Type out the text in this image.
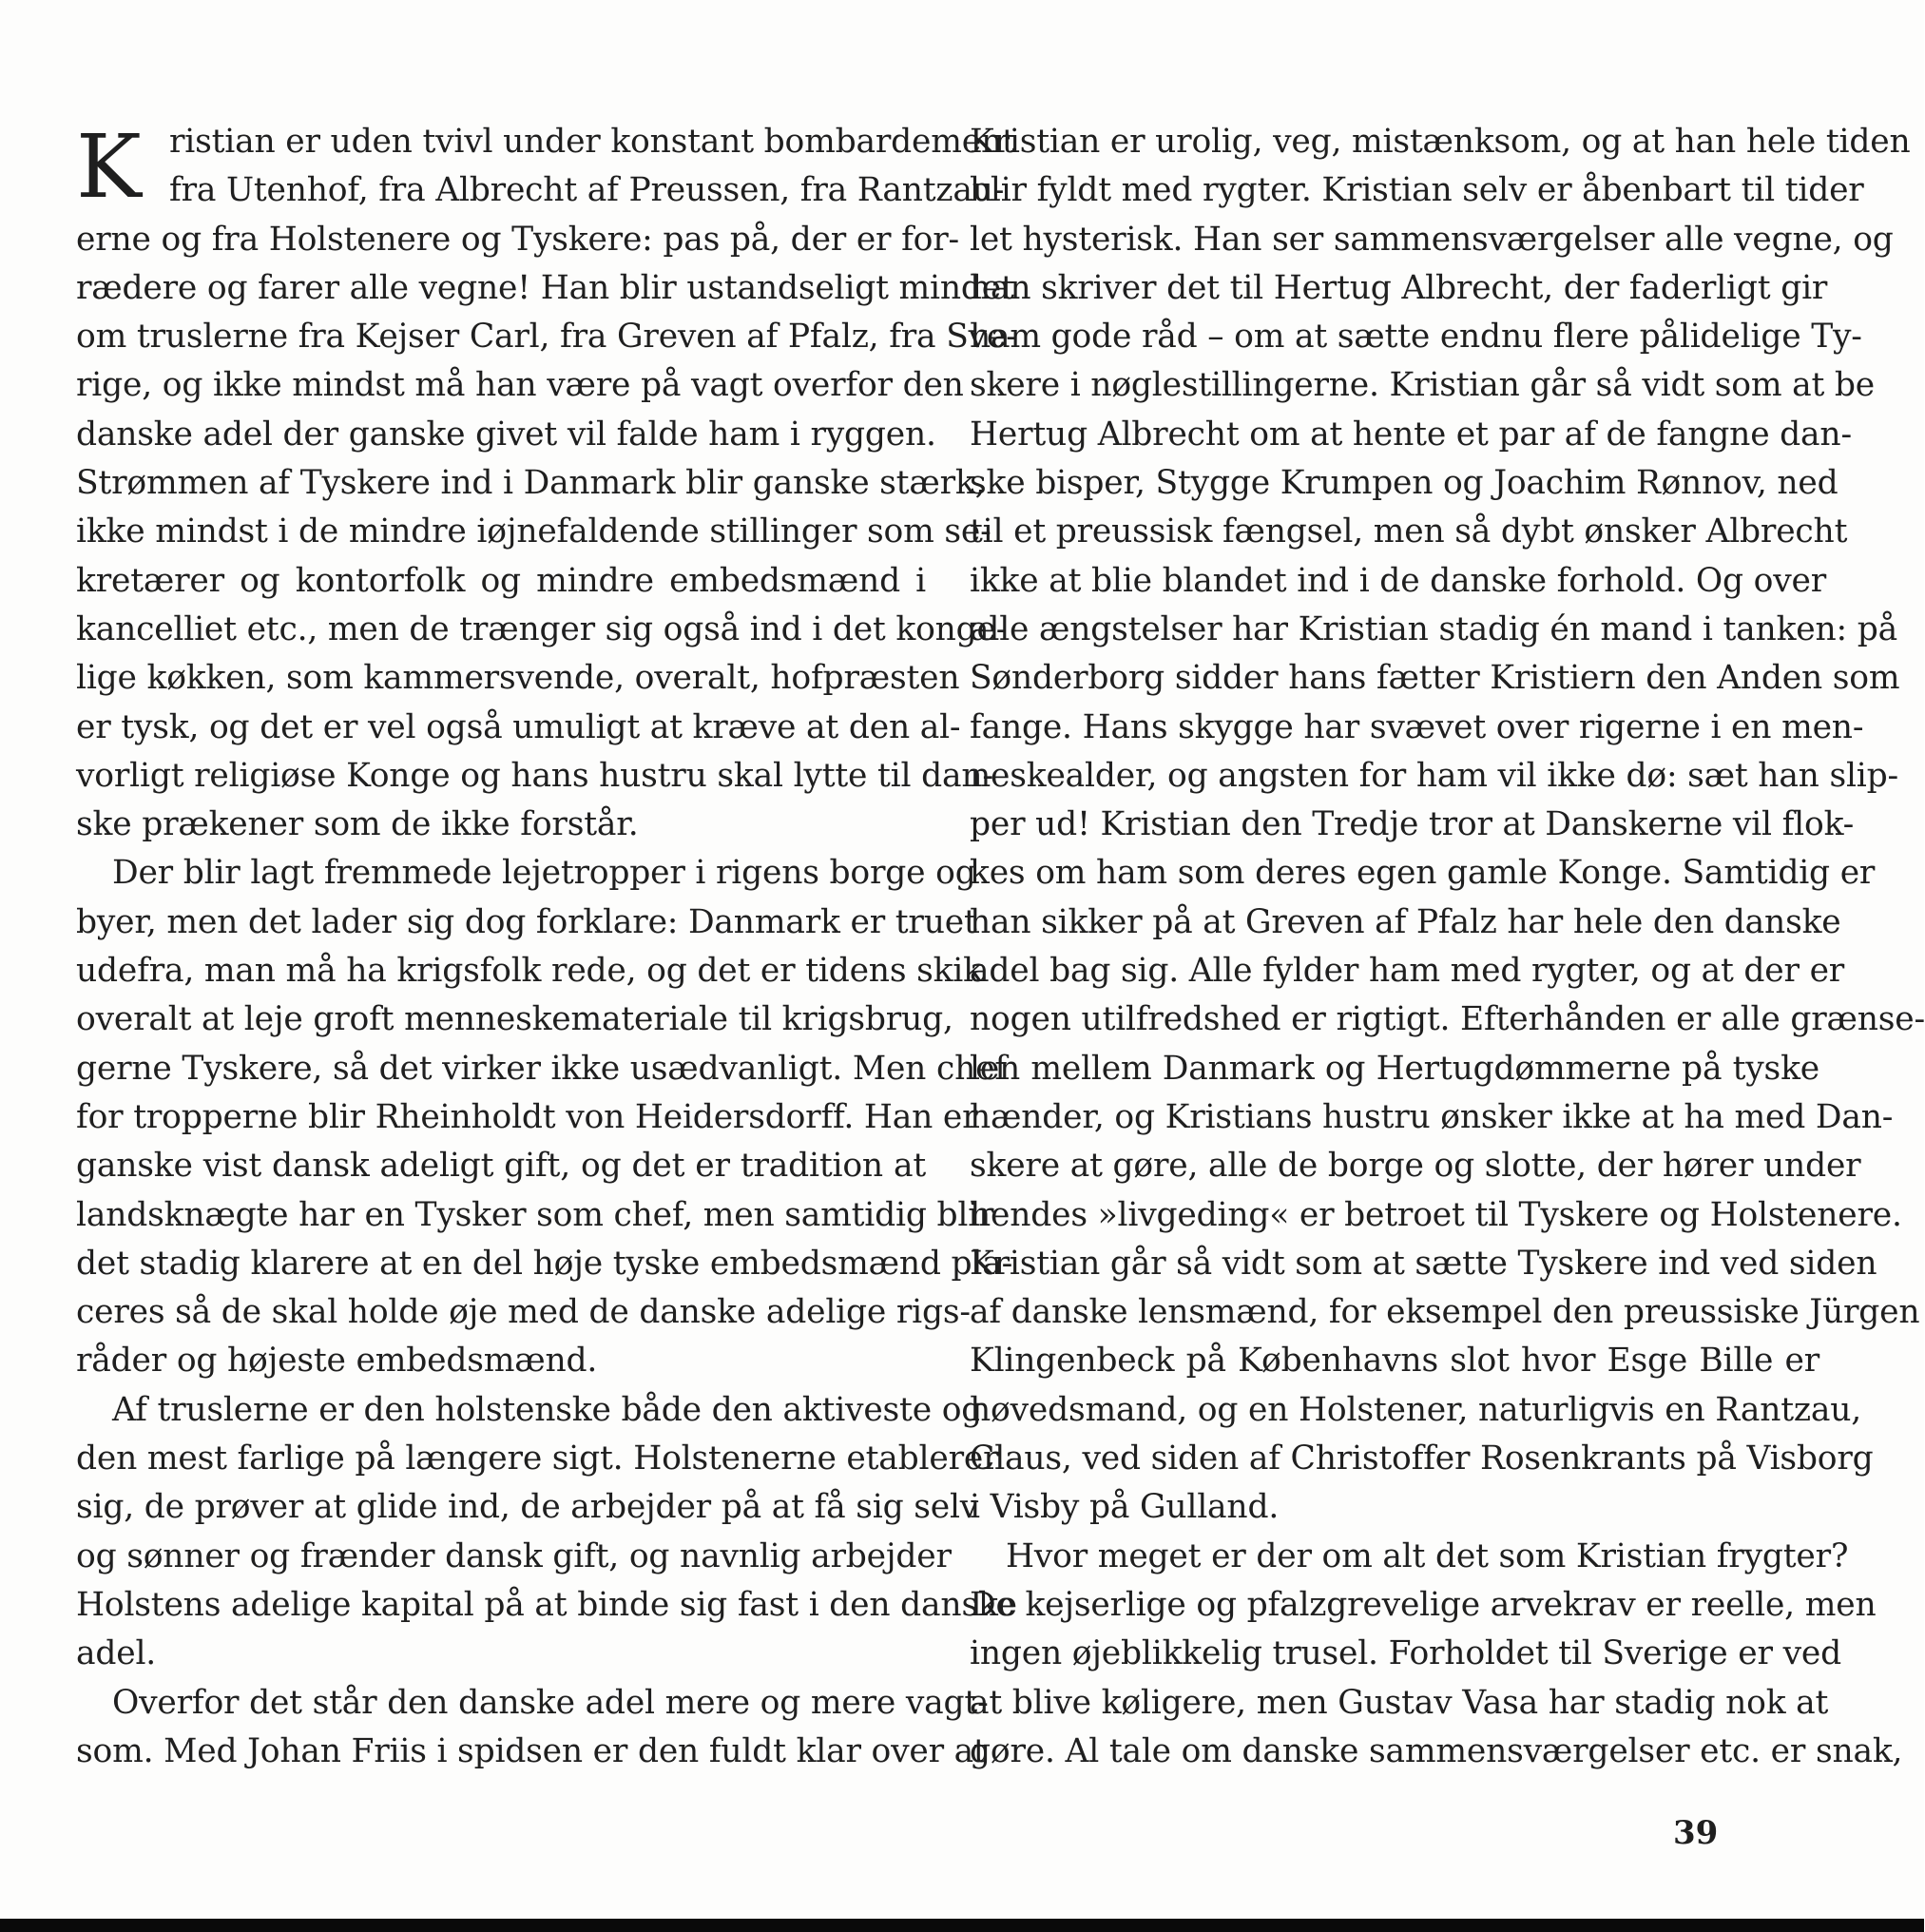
K ristian er uden tvivl under konstant bombardement
fra Utenhof, fra Albrecht af Preussen, fra Rantzau-
erne og fra Holstenere og Tyskere: pas på, der er for-
rædere og farer alle vegne! Han blir ustandseligt mindet
om truslerne fra Kejser Carl, fra Greven af Pfalz, fra Sve-
rige, og ikke mindst må han være på vagt overfor den
danske adel der ganske givet vil falde ham i ryggen.
Strømmen af Tyskere ind i Danmark blir ganske stærk,
ikke mindst i de mindre iøjnefaldende stillinger som se-
kretærer og kontorfolk og mindre embedsmænd i
kancelliet etc., men de trænger sig også ind i det konge-
lige køkken, som kammersvende, overalt, hofpræsten
er tysk, og det er vel også umuligt at kræve at den al-
vorligt religiøse Konge og hans hustru skal lytte til dan-
ske prækener som de ikke forstår.
Der blir lagt fremmede lejetropper i rigens borge og
byer, men det lader sig dog forklare: Danmark er truet
udefra, man må ha krigsfolk rede, og det er tidens skik
overalt at leje groft menneskemateriale til krigsbrug,
gerne Tyskere, så det virker ikke usædvanligt. Men chef
for tropperne blir Rheinholdt von Heidersdorff. Han er
ganske vist dansk adeligt gift, og det er tradition at
landsknægte har en Tysker som chef, men samtidig blir
det stadig klarere at en del høje tyske embedsmænd pla-
ceres så de skal holde øje med de danske adelige rigs-
råder og højeste embedsmænd.
Af truslerne er den holstenske både den aktiveste og
den mest farlige på længere sigt. Holstenerne etablerer
sig, de prøver at glide ind, de arbejder på at få sig selv
og sønner og frænder dansk gift, og navnlig arbejder
Holstens adelige kapital på at binde sig fast i den danske
adel.
Overfor det står den danske adel mere og mere vagt-
som. Med Johan Friis i spidsen er den fuldt klar over at
Kristian er urolig, veg, mistænksom, og at han hele tiden
blir fyldt med rygter. Kristian selv er åbenbart til tider
let hysterisk. Han ser sammensværgelser alle vegne, og
han skriver det til Hertug Albrecht, der faderligt gir
ham gode råd – om at sætte endnu flere pålidelige Ty-
skere i nøglestillingerne. Kristian går så vidt som at be
Hertug Albrecht om at hente et par af de fangne dan-
ske bisper, Stygge Krumpen og Joachim Rønnov, ned
til et preussisk fængsel, men så dybt ønsker Albrecht
ikke at blie blandet ind i de danske forhold. Og over
alle ængstelser har Kristian stadig én mand i tanken: på
Sønderborg sidder hans fætter Kristiern den Anden som
fange. Hans skygge har svævet over rigerne i en men-
neskealder, og angsten for ham vil ikke dø: sæt han slip-
per ud! Kristian den Tredje tror at Danskerne vil flok-
kes om ham som deres egen gamle Konge. Samtidig er
han sikker på at Greven af Pfalz har hele den danske
adel bag sig. Alle fylder ham med rygter, og at der er
nogen utilfredshed er rigtigt. Efterhånden er alle grænse-
len mellem Danmark og Hertugdømmerne på tyske
hænder, og Kristians hustru ønsker ikke at ha med Dan-
skere at gøre, alle de borge og slotte, der hører under
hendes »livgeding« er betroet til Tyskere og Holstenere.
Kristian går så vidt som at sætte Tyskere ind ved siden
af danske lensmænd, for eksempel den preussiske Jürgen
Klingenbeck på Københavns slot hvor Esge Bille er
høvedsmand, og en Holstener, naturligvis en Rantzau,
Claus, ved siden af Christoffer Rosenkrants på Visborg
i Visby på Gulland.
Hvor meget er der om alt det som Kristian frygter?
De kejserlige og pfalzgrevelige arvekrav er reelle, men
ingen øjeblikkelig trusel. Forholdet til Sverige er ved
at blive køligere, men Gustav Vasa har stadig nok at
gøre. Al tale om danske sammensværgelser etc. er snak,
39
